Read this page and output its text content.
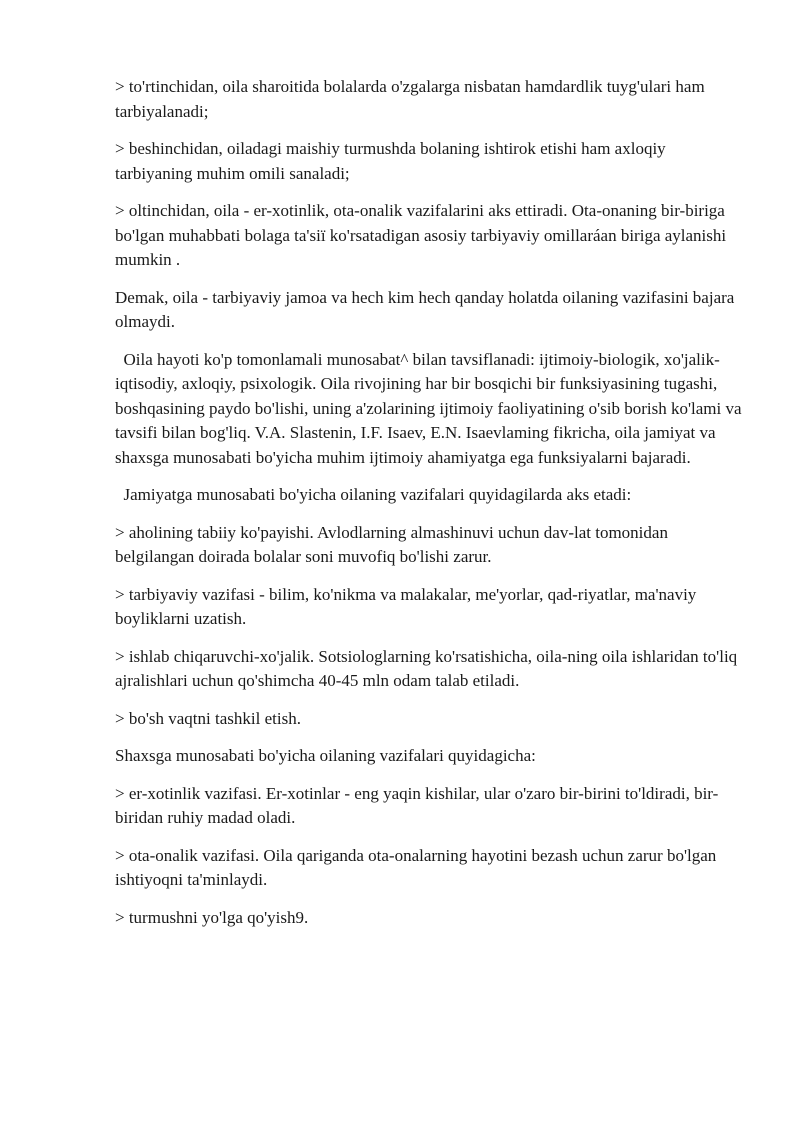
> to'rtinchidan, oila sharoitida bolalarda o'zgalarga nisbatan hamdardlik tuyg'ulari ham tarbiyalanadi;

> beshinchidan, oiladagi maishiy turmushda bolaning ishtirok etishi ham axloqiy tarbiyaning muhim omili sanaladi;

> oltinchidan, oila - er-xotinlik, ota-onalik vazifalarini aks ettiradi. Ota-onaning bir-biriga bo'lgan muhabbati bolaga ta'siï ko'rsatadigan asosiy tarbiyaviy omillaráan biriga aylanishi mumkin .

Demak, oila - tarbiyaviy jamoa va hech kim hech qanday holatda oilaning vazifasini bajara olmaydi.

Oila hayoti ko'p tomonlamali munosabat^ bilan tavsiflanadi: ijtimoiy-biologik, xo'jalik-iqtisodiy, axloqiy, psixologik. Oila rivojining har bir bosqichi bir funksiyasining tugashi, boshqasining paydo bo'lishi, uning a'zolarining ijtimoiy faoliyatining o'sib borish ko'lami va tavsifi bilan bog'liq. V.A. Slastenin, I.F. Isaev, E.N. Isaevlaming fikricha, oila jamiyat va shaxsga munosabati bo'yicha muhim ijtimoiy ahamiyatga ega funksiyalarni bajaradi.

Jamiyatga munosabati bo'yicha oilaning vazifalari quyidagilarda aks etadi:

> aholining tabiiy ko'payishi. Avlodlarning almashinuvi uchun dav-lat tomonidan belgilangan doirada bolalar soni muvofiq bo'lishi zarur.

> tarbiyaviy vazifasi - bilim, ko'nikma va malakalar, me'yorlar, qad-riyatlar, ma'naviy boyliklarni uzatish.

> ishlab chiqaruvchi-xo'jalik. Sotsiologlarning ko'rsatishicha, oila-ning oila ishlaridan to'liq ajralishlari uchun qo'shimcha 40-45 mln odam talab etiladi.

> bo'sh vaqtni tashkil etish.

Shaxsga munosabati bo'yicha oilaning vazifalari quyidagicha:

> er-xotinlik vazifasi. Er-xotinlar - eng yaqin kishilar, ular o'zaro bir-birini to'ldiradi, bir-biridan ruhiy madad oladi.

> ota-onalik vazifasi. Oila qariganda ota-onalarning hayotini bezash uchun zarur bo'lgan ishtiyoqni ta'minlaydi.

> turmushni yo'lga qo'yish9.
